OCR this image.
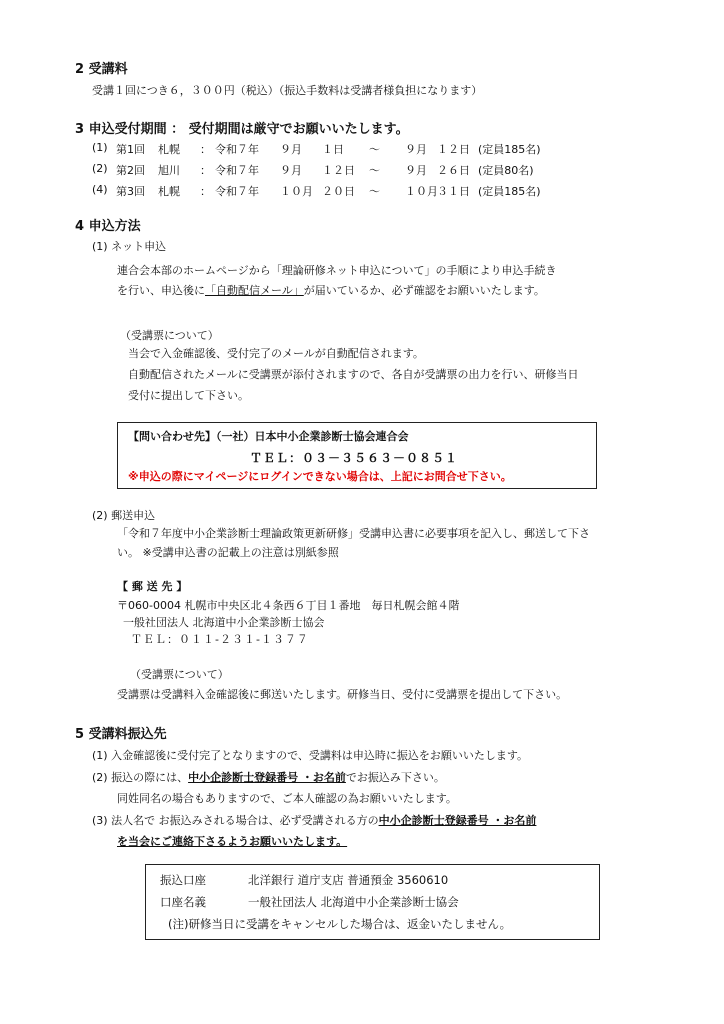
2 受講料
受講１回につき６，３００円（税込）（振込手数料は受講者様負担になります）
3 申込受付期間 ： 受付期間は厳守でお願いいたします。
(1) 第1回 札幌 ： 令和７年 ９月 １日 ～ ９月 １２日 (定員185名)
(2) 第2回 旭川 ： 令和７年 ９月 １２日 ～ ９月 ２６日 (定員80名)
(4) 第3回 札幌 ： 令和７年 １０月 ２０日 ～ １０月 ３１日 (定員185名)
4 申込方法
(1) ネット申込
連合会本部のホームページから「理論研修ネット申込について」の手順により申込手続き
を行い、申込後に「自動配信メール」が届いているか、必ず確認をお願いいたします。
（受講票について）
当会で入金確認後、受付完了のメールが自動配信されます。
自動配信されたメールに受講票が添付されますので、各自が受講票の出力を行い、研修当日
受付に提出して下さい。
【問い合わせ先】（一社）日本中小企業診断士協会連合会
ＴＥＬ：０３－３５６３－０８５１
※申込の際にマイページにログインできない場合は、上記にお問合せ下さい。
(2) 郵送申込
「令和７年度中小企業診断士理論政策更新研修」受講申込書に必要事項を記入し、郵送して下さ
い。 ※受講申込書の記載上の注意は別紙参照
【 郵 送 先 】
〒060-0004 札幌市中央区北４条西６丁目１番地　毎日札幌会館４階
一般社団法人 北海道中小企業診断士協会
ＴＥＬ：０１１-２３１-１３７７
（受講票について）
受講票は受講料入金確認後に郵送いたします。研修当日、受付に受講票を提出して下さい。
5 受講料振込先
(1) 入金確認後に受付完了となりますので、受講料は申込時に振込をお願いいたします。
(2) 振込の際には、中小企診断士登録番号 ・お名前でお振込み下さい。
同姓同名の場合もありますので、ご本人確認の為お願いいたします。
(3) 法人名で お振込みされる場合は、必ず受講される方の中小企診断士登録番号 ・お名前
を当会にご連絡下さるようお願いいたします。
振込口座	北洋銀行 道庁支店 普通預金 3560610
口座名義	一般社団法人 北海道中小企業診断士協会
(注)研修当日に受講をキャンセルした場合は、返金いたしません。
